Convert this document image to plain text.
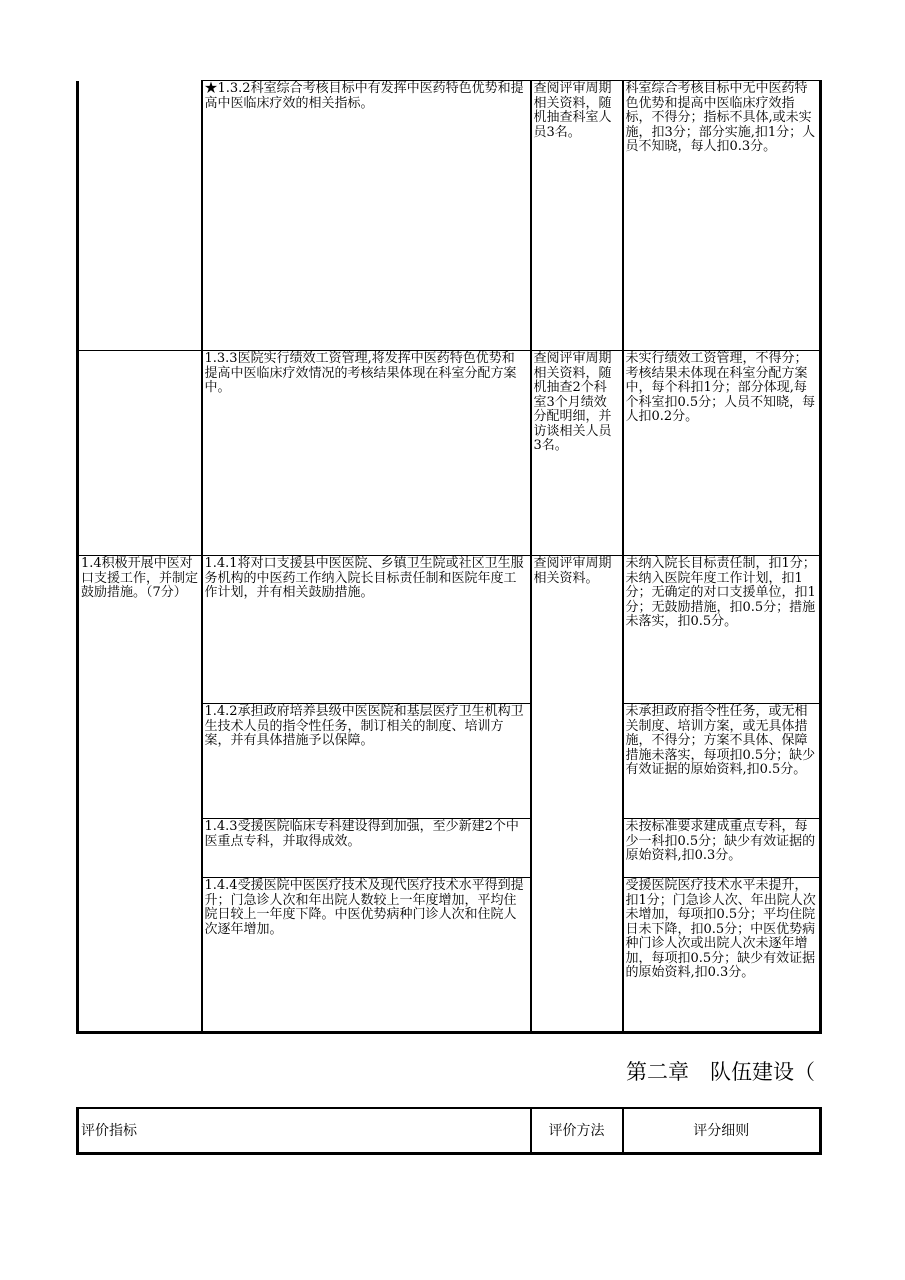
	★1.3.2科室综合考核目标中有发挥中医药特色优势和提高中医临床疗效的相关指标。	查阅评审周期相关资料，随机抽查科室人员3名。	科室综合考核目标中无中医药特色优势和提高中医临床疗效指标，不得分；指标不具体,或未实施，扣3分；部分实施,扣1分；人员不知晓，每人扣0.3分。
	1.3.3医院实行绩效工资管理,将发挥中医药特色优势和提高中医临床疗效情况的考核结果体现在科室分配方案中。	查阅评审周期相关资料，随机抽查2个科室3个月绩效分配明细，并访谈相关人员3名。	未实行绩效工资管理，不得分；考核结果未体现在科室分配方案中，每个科扣1分；部分体现,每个科室扣0.5分；人员不知晓，每人扣0.2分。
1.4积极开展中医对口支援工作，并制定鼓励措施。（7分）	1.4.1将对口支援县中医医院、乡镇卫生院或社区卫生服务机构的中医药工作纳入院长目标责任制和医院年度工作计划，并有相关鼓励措施。	查阅评审周期相关资料。	未纳入院长目标责任制，扣1分；未纳入医院年度工作计划，扣1分；无确定的对口支援单位，扣1分；无鼓励措施，扣0.5分；措施未落实，扣0.5分。
	1.4.2承担政府培养县级中医医院和基层医疗卫生机构卫生技术人员的指令性任务，制订相关的制度、培训方案，并有具体措施予以保障。		未承担政府指令性任务，或无相关制度、培训方案，或无具体措施，不得分；方案不具体、保障措施未落实，每项扣0.5分；缺少有效证据的原始资料,扣0.5分。
	1.4.3受援医院临床专科建设得到加强，至少新建2个中医重点专科，并取得成效。		未按标准要求建成重点专科，每少一科扣0.5分；缺少有效证据的原始资料,扣0.3分。
	1.4.4受援医院中医医疗技术及现代医疗技术水平得到提升；门急诊人次和年出院人数较上一年度增加，平均住院日较上一年度下降。中医优势病种门诊人次和住院人次逐年增加。		受援医院医疗技术水平未提升，扣1分；门急诊人次、年出院人次未增加，每项扣0.5分；平均住院日未下降，扣0.5分；中医优势病种门诊人次或出院人次未逐年增加，每项扣0.5分；缺少有效证据的原始资料,扣0.3分。
第二章　队伍建设（
评价指标	评价方法	评分细则
